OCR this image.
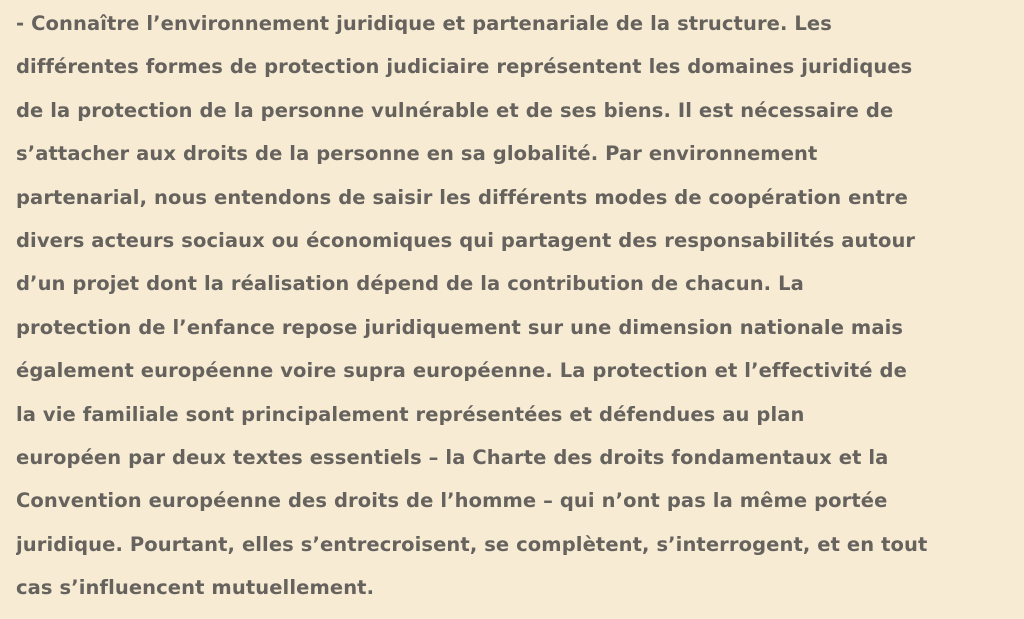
- Connaître l’environnement juridique et partenariale de la structure. Les
différentes formes de protection judiciaire représentent les domaines juridiques
de la protection de la personne vulnérable et de ses biens. Il est nécessaire de
s’attacher aux droits de la personne en sa globalité. Par environnement
partenarial, nous entendons de saisir les différents modes de coopération entre
divers acteurs sociaux ou économiques qui partagent des responsabilités autour
d’un projet dont la réalisation dépend de la contribution de chacun. La
protection de l’enfance repose juridiquement sur une dimension nationale mais
également européenne voire supra européenne. La protection et l’effectivité de
la vie familiale sont principalement représentées et défendues au plan
européen par deux textes essentiels – la Charte des droits fondamentaux et la
Convention européenne des droits de l’homme – qui n’ont pas la même portée
juridique. Pourtant, elles s’entrecroisent, se complètent, s’interrogent, et en tout
cas s’influencent mutuellement.
